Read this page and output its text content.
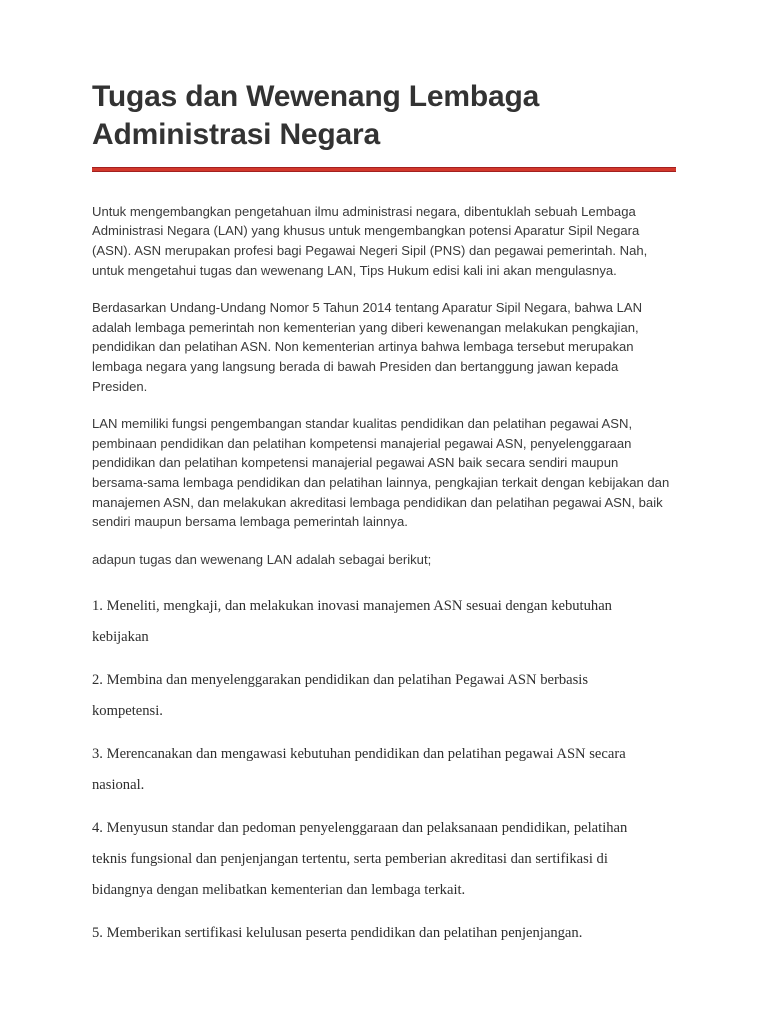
Tugas dan Wewenang Lembaga Administrasi Negara

Untuk mengembangkan pengetahuan ilmu administrasi negara, dibentuklah sebuah Lembaga Administrasi Negara (LAN) yang khusus untuk mengembangkan potensi Aparatur Sipil Negara (ASN). ASN merupakan profesi bagi Pegawai Negeri Sipil (PNS) dan pegawai pemerintah. Nah, untuk mengetahui tugas dan wewenang LAN, Tips Hukum edisi kali ini akan mengulasnya.

Berdasarkan Undang-Undang Nomor 5 Tahun 2014 tentang Aparatur Sipil Negara, bahwa LAN adalah lembaga pemerintah non kementerian yang diberi kewenangan melakukan pengkajian, pendidikan dan pelatihan ASN. Non kementerian artinya bahwa lembaga tersebut merupakan lembaga negara yang langsung berada di bawah Presiden dan bertanggung jawan kepada Presiden.

LAN memiliki fungsi pengembangan standar kualitas pendidikan dan pelatihan pegawai ASN, pembinaan pendidikan dan pelatihan kompetensi manajerial pegawai ASN, penyelenggaraan pendidikan dan pelatihan kompetensi manajerial pegawai ASN baik secara sendiri maupun bersama-sama lembaga pendidikan dan pelatihan lainnya, pengkajian terkait dengan kebijakan dan manajemen ASN, dan melakukan akreditasi lembaga pendidikan dan pelatihan pegawai ASN, baik sendiri maupun bersama lembaga pemerintah lainnya.

adapun tugas dan wewenang LAN adalah sebagai berikut;

1. Meneliti, mengkaji, dan melakukan inovasi manajemen ASN sesuai dengan kebutuhan kebijakan

2. Membina dan menyelenggarakan pendidikan dan pelatihan Pegawai ASN berbasis kompetensi.

3. Merencanakan dan mengawasi kebutuhan pendidikan dan pelatihan pegawai ASN secara nasional.

4. Menyusun standar dan pedoman penyelenggaraan dan pelaksanaan pendidikan, pelatihan teknis fungsional dan penjenjangan tertentu, serta pemberian akreditasi dan sertifikasi di bidangnya dengan melibatkan kementerian dan lembaga terkait.

5. Memberikan sertifikasi kelulusan peserta pendidikan dan pelatihan penjenjangan.
